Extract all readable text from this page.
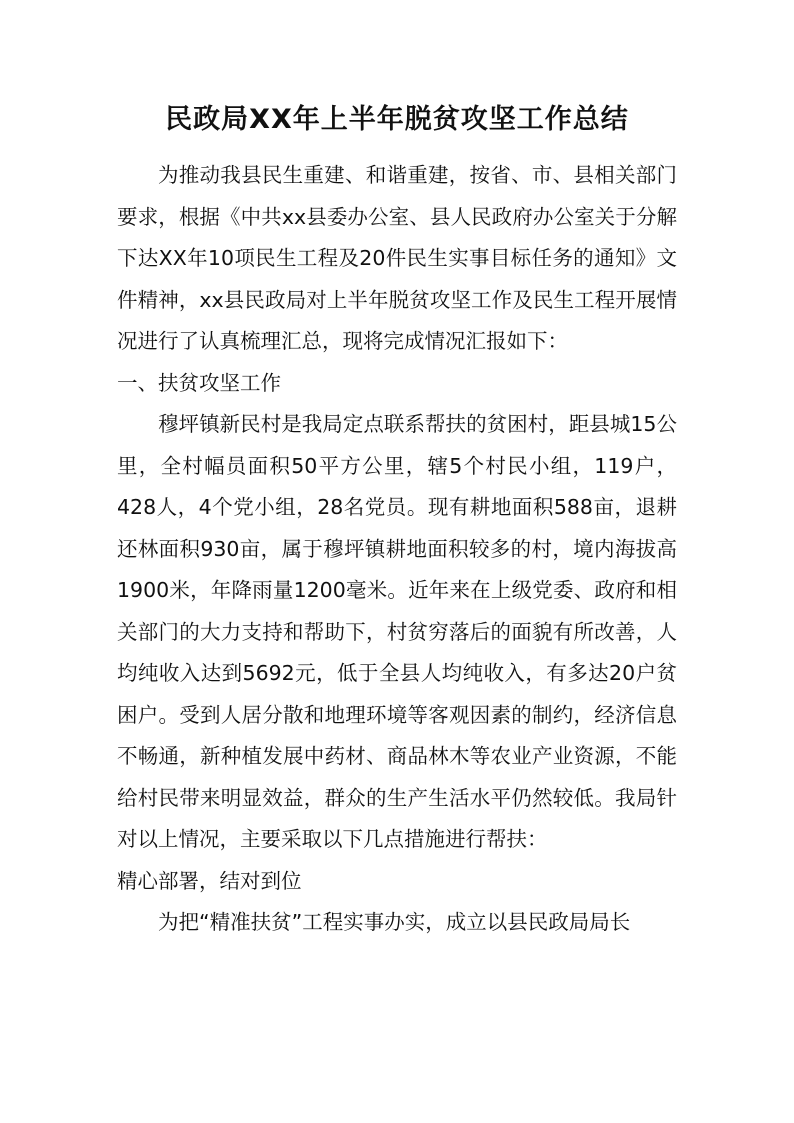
民政局XX年上半年脱贫攻坚工作总结

为推动我县民生重建、和谐重建，按省、市、县相关部门要求，根据《中共xx县委办公室、县人民政府办公室关于分解下达XX年10项民生工程及20件民生实事目标任务的通知》文件精神，xx县民政局对上半年脱贫攻坚工作及民生工程开展情况进行了认真梳理汇总，现将完成情况汇报如下：

一、扶贫攻坚工作

穆坪镇新民村是我局定点联系帮扶的贫困村，距县城15公里，全村幅员面积50平方公里，辖5个村民小组，119户，428人，4个党小组，28名党员。现有耕地面积588亩，退耕还林面积930亩，属于穆坪镇耕地面积较多的村，境内海拔高1900米，年降雨量1200毫米。近年来在上级党委、政府和相关部门的大力支持和帮助下，村贫穷落后的面貌有所改善，人均纯收入达到5692元，低于全县人均纯收入，有多达20户贫困户。受到人居分散和地理环境等客观因素的制约，经济信息不畅通，新种植发展中药材、商品林木等农业产业资源，不能给村民带来明显效益，群众的生产生活水平仍然较低。我局针对以上情况，主要采取以下几点措施进行帮扶：

精心部署，结对到位

为把“精准扶贫”工程实事办实，成立以县民政局局长
